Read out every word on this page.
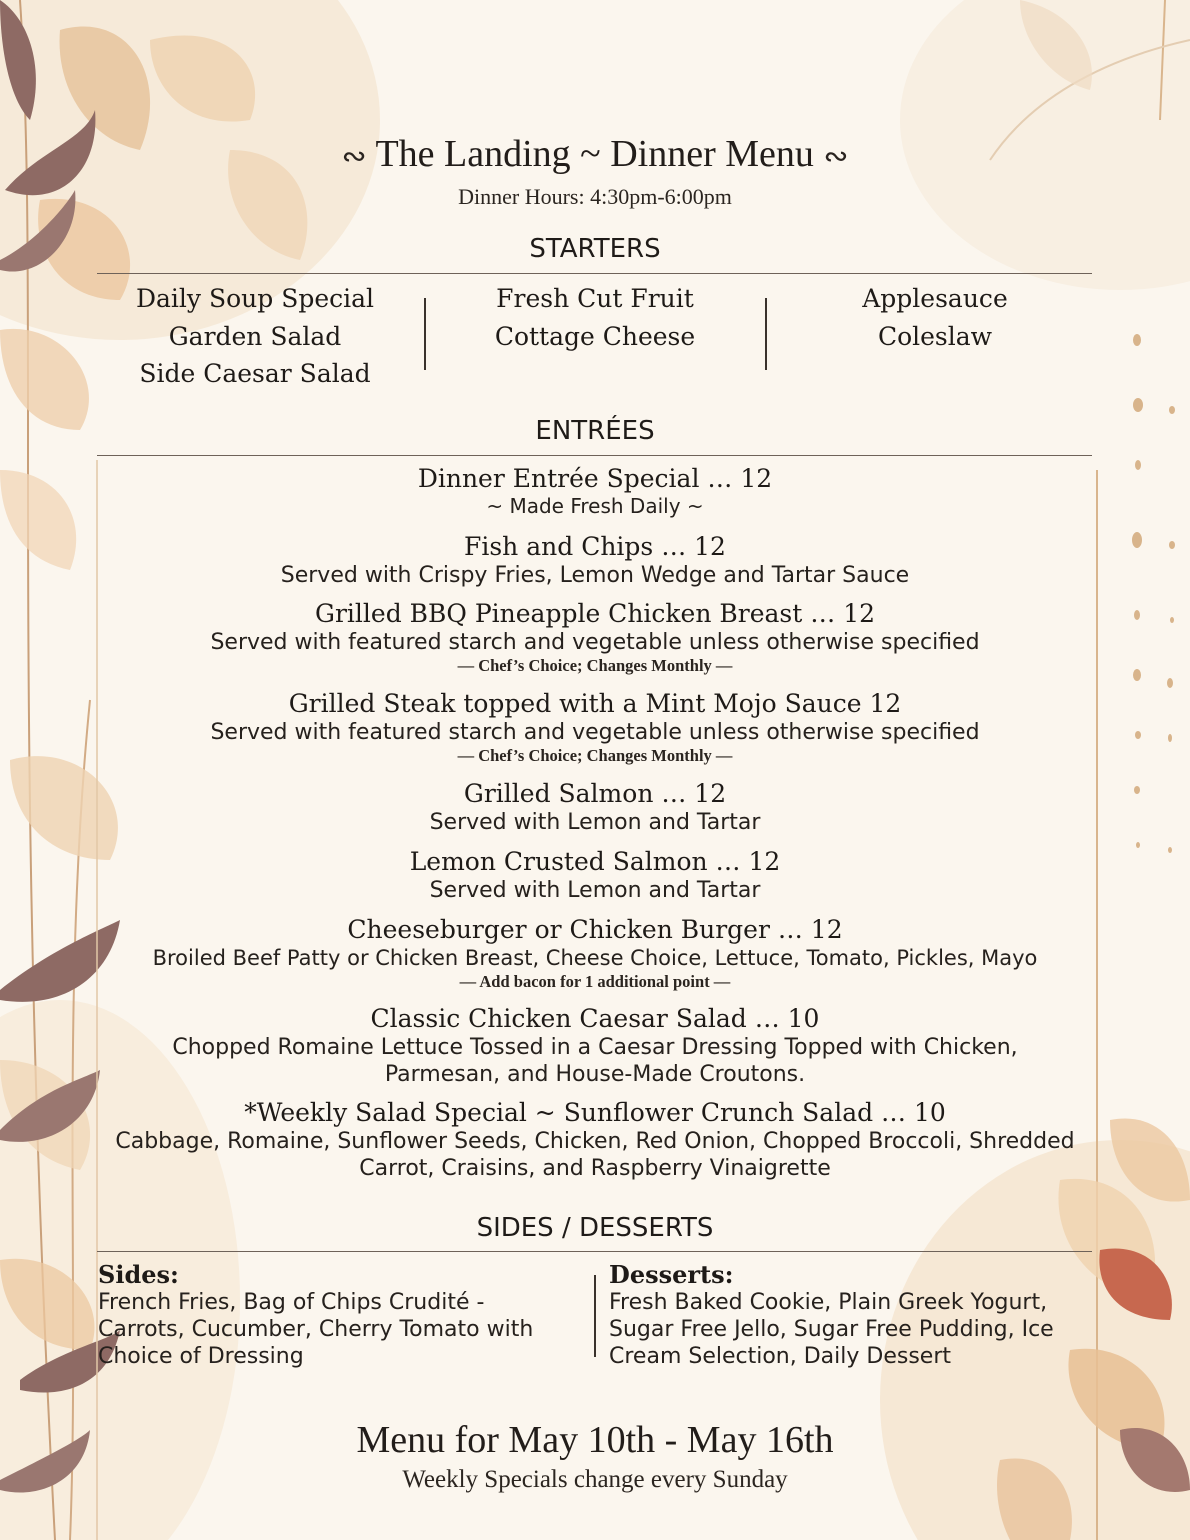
∾ The Landing ~ Dinner Menu ∾
Dinner Hours: 4:30pm-6:00pm
STARTERS
Daily Soup Special
Garden Salad
Side Caesar Salad
Fresh Cut Fruit
Cottage Cheese
Applesauce
Coleslaw
ENTRÉES
Dinner Entrée Special … 12
~ Made Fresh Daily ~
Fish and Chips … 12
Served with Crispy Fries, Lemon Wedge and Tartar Sauce
Grilled BBQ Pineapple Chicken Breast … 12
Served with featured starch and vegetable unless otherwise specified
— Chef’s Choice; Changes Monthly —
Grilled Steak topped with a Mint Mojo Sauce 12
Served with featured starch and vegetable unless otherwise specified
— Chef’s Choice; Changes Monthly —
Grilled Salmon … 12
Served with Lemon and Tartar
Lemon Crusted Salmon … 12
Served with Lemon and Tartar
Cheeseburger or Chicken Burger … 12
Broiled Beef Patty or Chicken Breast, Cheese Choice, Lettuce, Tomato, Pickles, Mayo
— Add bacon for 1 additional point —
Classic Chicken Caesar Salad … 10
Chopped Romaine Lettuce Tossed in a Caesar Dressing Topped with Chicken, Parmesan, and House-Made Croutons.
*Weekly Salad Special ~ Sunflower Crunch Salad … 10
Cabbage, Romaine, Sunflower Seeds, Chicken, Red Onion, Chopped Broccoli, Shredded Carrot, Craisins, and Raspberry Vinaigrette
SIDES / DESSERTS
Sides:
French Fries, Bag of Chips Crudité - Carrots, Cucumber, Cherry Tomato with Choice of Dressing
Desserts:
Fresh Baked Cookie, Plain Greek Yogurt, Sugar Free Jello, Sugar Free Pudding, Ice Cream Selection, Daily Dessert
Menu for May 10th - May 16th
Weekly Specials change every Sunday
